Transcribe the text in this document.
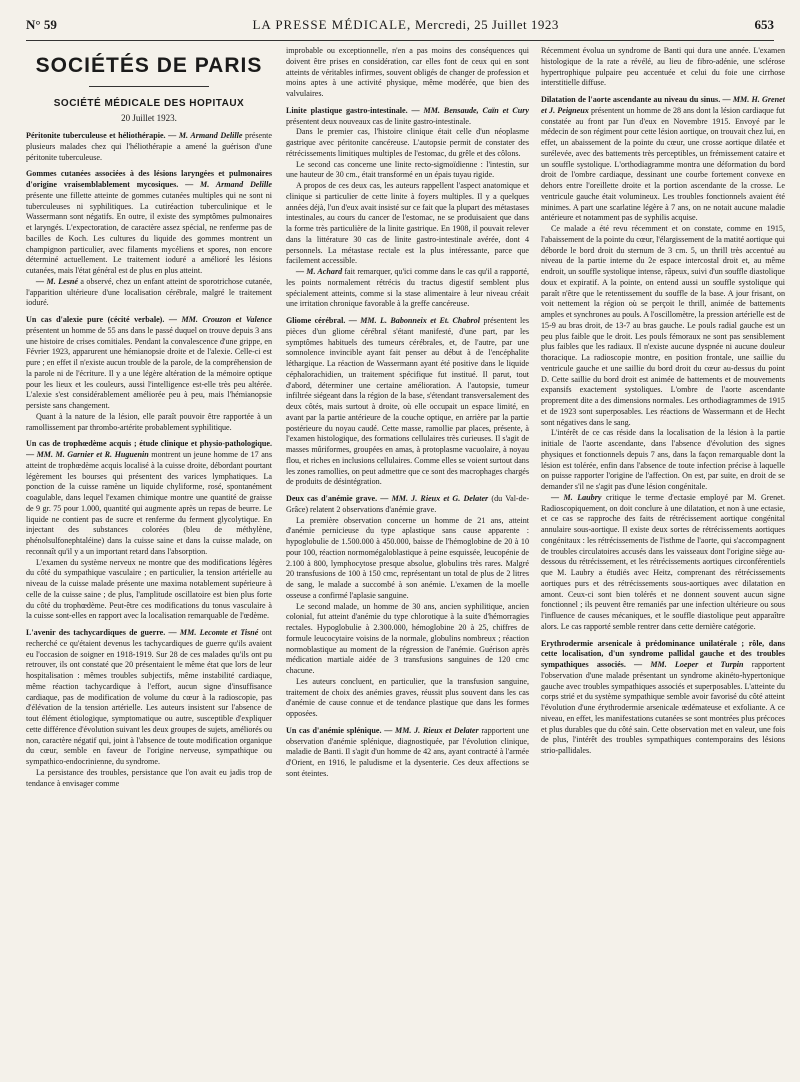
N° 59	LA PRESSE MÉDICALE, Mercredi, 25 Juillet 1923	653
SOCIÉTÉS DE PARIS
SOCIÉTÉ MÉDICALE DES HOPITAUX
20 Juillet 1923.

Péritonite tuberculeuse et héliothérapie. — M. Armand Delille présente plusieurs malades chez qui l'héliothérapie a amené la guérison d'une péritonite tuberculeuse.

Gommes cutanées associées à des lésions laryngées et pulmonaires d'origine vraisemblablement mycosiques. — M. Armand Delille présente une fillette atteinte de gommes cutanées multiples qui ne sont ni tuberculeuses ni syphilitiques. La cutiréaction tuberculinique et le Wassermann sont négatifs. En outre, il existe des symptômes pulmonaires et laryngés. L'expectoration, de caractère assez spécial, ne renferme pas de bacilles de Koch. Les cultures du liquide des gommes montrent un champignon particulier, avec filaments mycéliens et spores, non encore déterminé actuellement. Le traitement ioduré a amélioré les lésions cutanées, mais l'état général est de plus en plus atteint.

— M. Lesné a observé, chez un enfant atteint de sporotrichose cutanée, l'apparition ultérieure d'une localisation cérébrale, malgré le traitement ioduré.

Un cas d'alexie pure (cécité verbale). — MM. Crouzon et Valence présentent un homme de 55 ans dans le passé duquel on trouve depuis 3 ans une histoire de crises comitiales. Pendant la convalescence d'une grippe, en Février 1923, apparurent une hémianopsie droite et de l'alexie. Celle-ci est pure ; en effet il n'existe aucun trouble de la parole, de la compréhension de la parole ni de l'écriture. Il y a une légère altération de la mémoire optique pour les lieux et les couleurs, aussi l'intelligence est-elle très peu altérée. L'alexie s'est considérablement améliorée peu à peu, mais l'hémianopsie persiste sans changement.

Quant à la nature de la lésion, elle paraît pouvoir être rapportée à un ramollissement par thrombo-artérite probablement syphilitique.

Un cas de trophœdème acquis ; étude clinique et physio-pathologique. — MM. M. Garnier et R. Huguenin montrent un jeune homme de 17 ans atteint de trophœdème acquis localisé à la cuisse droite, débordant pourtant légèrement les bourses qui présentent des varices lymphatiques. La ponction de la cuisse ramène un liquide chyliforme, rosé, spontanément coagulable, dans lequel l'examen chimique montre une quantité de graisse de 9 gr. 75 pour 1.000, quantité qui augmente après un repas de beurre. Le liquide ne contient pas de sucre et renferme du ferment glycolytique. En injectant des substances colorées (bleu de méthylène, phénolsulfonephtaléine) dans la cuisse saine et dans la cuisse malade, on reconnaît qu'il y a un important retard dans l'absorption.

L'examen du système nerveux ne montre que des modifications légères du côté du sympathique vasculaire ; en particulier, la tension artérielle au niveau de la cuisse malade présente une maxima notablement supérieure à celle de la cuisse saine ; de plus, l'amplitude oscillatoire est bien plus forte du côté du trophœdème. Peut-être ces modifications du tonus vasculaire à la cuisse sont-elles en rapport avec la localisation remarquable de l'œdème.

L'avenir des tachycardiques de guerre. — MM. Lecomte et Tisné ont recherché ce qu'étaient devenus les tachycardiques de guerre qu'ils avaient eu l'occasion de soigner en 1918-1919. Sur 28 de ces malades qu'ils ont pu retrouver, ils ont constaté que 20 présentaient le même état que lors de leur hospitalisation : mêmes troubles subjectifs, même instabilité cardiaque, même réaction tachycardique à l'effort, aucun signe d'insuffisance cardiaque, pas de modification de volume du cœur à la radioscopie, pas d'élévation de la tension artérielle. Les auteurs insistent sur l'absence de tout élément étiologique, symptomatique ou autre, susceptible d'expliquer cette différence d'évolution suivant les deux groupes de sujets, améliorés ou non, caractère négatif qui, joint à l'absence de toute modification organique du cœur, semble en faveur de l'origine nerveuse, sympathique ou sympathico-endocrinienne, du syndrome.

La persistance des troubles, persistance que l'on avait eu jadis trop de tendance à envisager comme

improbable ou exceptionnelle, n'en a pas moins des conséquences qui doivent être prises en considération, car elles font de ceux qui en sont atteints de véritables infirmes, souvent obligés de changer de profession et moins aptes à une activité physique, même modérée, que bien des valvulaires.

Linite plastique gastro-intestinale. — MM. Bensaude, Caïn et Cury présentent deux nouveaux cas de linite gastro-intestinale.

Dans le premier cas, l'histoire clinique était celle d'un néoplasme gastrique avec péritonite cancéreuse. L'autopsie permit de constater des rétrécissements limitiques multiples de l'estomac, du grêle et des côlons.

Le second cas concerne une linite recto-sigmoïdienne : l'intestin, sur une hauteur de 30 cm., était transformé en un épais tuyau rigide.

A propos de ces deux cas, les auteurs rappellent l'aspect anatomique et clinique si particulier de cette linite à foyers multiples. Il y a quelques années déjà, l'un d'eux avait insisté sur ce fait que la plupart des métastases intestinales, au cours du cancer de l'estomac, ne se produisaient que dans la forme très particulière de la linite gastrique. En 1908, il pouvait relever dans la littérature 30 cas de linite gastro-intestinale avérée, dont 4 personnels. La métastase rectale est la plus intéressante, parce que facilement accessible.

— M. Achard fait remarquer, qu'ici comme dans le cas qu'il a rapporté, les points normalement rétrécis du tractus digestif semblent plus spécialement atteints, comme si la stase alimentaire à leur niveau créait une irritation chronique favorable à la greffe cancéreuse.

Gliome cérébral. — MM. L. Babonneix et Et. Chabrol présentent les pièces d'un gliome cérébral s'étant manifesté, d'une part, par les symptômes habituels des tumeurs cérébrales, et, de l'autre, par une somnolence invincible ayant fait penser au début à de l'encéphalite léthargique. La réaction de Wassermann ayant été positive dans le liquide céphalorachidien, un traitement spécifique fut institué. Il parut, tout d'abord, déterminer une certaine amélioration. A l'autopsie, tumeur infiltrée siégeant dans la région de la base, s'étendant transversalement des deux côtés, mais surtout à droite, où elle occupait un espace limité, en avant par la partie antérieure de la couche optique, en arrière par la partie postérieure du noyau caudé. Cette masse, ramollie par places, présente, à l'examen histologique, des formations cellulaires très curieuses. Il s'agit de masses mûriformes, groupées en amas, à protoplasme vacuolaire, à noyau flou, et riches en inclusions cellulaires. Comme elles se voient surtout dans les zones ramollies, on peut admettre que ce sont des macrophages chargés de produits de désintégration.

Deux cas d'anémie grave. — MM. J. Rieux et G. Delater (du Val-de-Grâce) relatent 2 observations d'anémie grave.

La première observation concerne un homme de 21 ans, atteint d'anémie pernicieuse du type aplastique sans cause apparente : hypoglobulie de 1.500.000 à 450.000, baisse de l'hémoglobine de 20 à 10 pour 100, réaction normomégaloblastique à peine esquissée, leucopénie de 2.100 à 800, lymphocytose presque absolue, globulins très rares. Malgré 20 transfusions de 100 à 150 cmc, représentant un total de plus de 2 litres de sang, le malade a succombé à son anémie. L'examen de la moelle osseuse a confirmé l'aplasie sanguine.

Le second malade, un homme de 30 ans, ancien syphilitique, ancien colonial, fut atteint d'anémie du type chlorotique à la suite d'hémorragies rectales. Hypoglobulie à 2.300.000, hémoglobine 20 à 25, chiffres de formule leucocytaire voisins de la normale, globulins nombreux ; réaction normoblastique au moment de la régression de l'anémie. Guérison après médication martiale aidée de 3 transfusions sanguines de 120 cmc chacune.

Les auteurs concluent, en particulier, que la transfusion sanguine, traitement de choix des anémies graves, réussit plus souvent dans les cas d'anémie de cause connue et de tendance plastique que dans les formes opposées.

Un cas d'anémie splénique. — MM. J. Rieux et Delater rapportent une observation d'anémie splénique, diagnostiquée, par l'évolution clinique, maladie de Banti. Il s'agit d'un homme de 42 ans, ayant contracté à l'armée d'Orient, en 1916, le paludisme et la dysenterie. Ces deux affections se sont éteintes.

Récemment évolua un syndrome de Banti qui dura une année. L'examen histologique de la rate a révélé, au lieu de fibro-adénie, une sclérose hypertrophique pulpaire peu accentuée et celui du foie une cirrhose interstitielle diffuse.

Dilatation de l'aorte ascendante au niveau du sinus. — MM. H. Grenet et J. Peigneux présentent un homme de 28 ans dont la lésion cardiaque fut constatée au front par l'un d'eux en Novembre 1915. Envoyé par le médecin de son régiment pour cette lésion aortique, on trouvait chez lui, en effet, un abaissement de la pointe du cœur, une crosse aortique dilatée et surélevée, avec des battements très perceptibles, un frémissement cataire et un souffle systolique. L'orthodiagramme montra une déformation du bord droit de l'ombre cardiaque, dessinant une courbe fortement convexe en dehors entre l'oreillette droite et la portion ascendante de la crosse. Le ventricule gauche était volumineux. Les troubles fonctionnels avaient été minimes. A part une scarlatine légère à 7 ans, on ne notait aucune maladie antérieure et notamment pas de syphilis acquise.

Ce malade a été revu récemment et on constate, comme en 1915, l'abaissement de la pointe du cœur, l'élargissement de la matité aortique qui déborde le bord droit du sternum de 3 cm. 5, un thrill très accentué au niveau de la partie interne du 2e espace intercostal droit et, au même endroit, un souffle systolique intense, râpeux, suivi d'un souffle diastolique doux et expiratif. A la pointe, on entend aussi un souffle systolique qui paraît n'être que le retentissement du souffle de la base. A jour frisant, on voit nettement la région où se perçoit le thrill, animée de battements amples et synchrones au pouls. A l'oscillomètre, la pression artérielle est de 15-9 au bras droit, de 13-7 au bras gauche. Le pouls radial gauche est un peu plus faible que le droit. Les pouls fémoraux ne sont pas sensiblement plus faibles que les radiaux. Il n'existe aucune dyspnée ni aucune douleur thoracique. La radioscopie montre, en position frontale, une saillie du ventricule gauche et une saillie du bord droit du cœur au-dessus du point D. Cette saillie du bord droit est animée de battements et de mouvements expansifs exactement systoliques. L'ombre de l'aorte ascendante proprement dite a des dimensions normales. Les orthodiagrammes de 1915 et de 1923 sont superposables. Les réactions de Wassermann et de Hecht sont négatives dans le sang.

L'intérêt de ce cas réside dans la localisation de la lésion à la partie initiale de l'aorte ascendante, dans l'absence d'évolution des signes physiques et fonctionnels depuis 7 ans, dans la façon remarquable dont la lésion est tolérée, enfin dans l'absence de toute infection précise à laquelle on puisse rapporter l'origine de l'affection. On est, par suite, en droit de se demander s'il ne s'agit pas d'une lésion congénitale.

— M. Laubry critique le terme d'ectasie employé par M. Grenet. Radioscopiquement, on doit conclure à une dilatation, et non à une ectasie, et ce cas se rapproche des faits de rétrécissement aortique congénital annulaire sous-aortique. Il existe deux sortes de rétrécissements aortiques congénitaux : les rétrécissements de l'isthme de l'aorte, qui s'accompagnent de troubles circulatoires accusés dans les vaisseaux dont l'origine siège au-dessous du rétrécissement, et les rétrécissements aortiques circonférentiels que M. Laubry a étudiés avec Heitz, comprenant des rétrécissements aortiques purs et des rétrécissements sous-aortiques avec dilatation en amont. Ceux-ci sont bien tolérés et ne donnent souvent aucun signe fonctionnel ; ils peuvent être remaniés par une infection ultérieure ou sous l'influence de causes mécaniques, et le souffle diastolique peut apparaître alors. Le cas rapporté semble rentrer dans cette dernière catégorie.

Erythrodermie arsenicale à prédominance unilatérale ; rôle, dans cette localisation, d'un syndrome pallidal gauche et des troubles sympathiques associés. — MM. Loeper et Turpin rapportent l'observation d'une malade présentant un syndrome akinéto-hypertonique gauche avec troubles sympathiques associés et superposables. L'atteinte du corps strié et du système sympathique semble avoir favorisé du côté atteint l'évolution d'une érythrodermie arsenicale œdémateuse et exfoliante. A ce niveau, en effet, les manifestations cutanées se sont montrées plus précoces et plus durables que du côté sain. Cette observation met en valeur, une fois de plus, l'intérêt des troubles sympathiques contemporains des lésions strio-pallidales.
